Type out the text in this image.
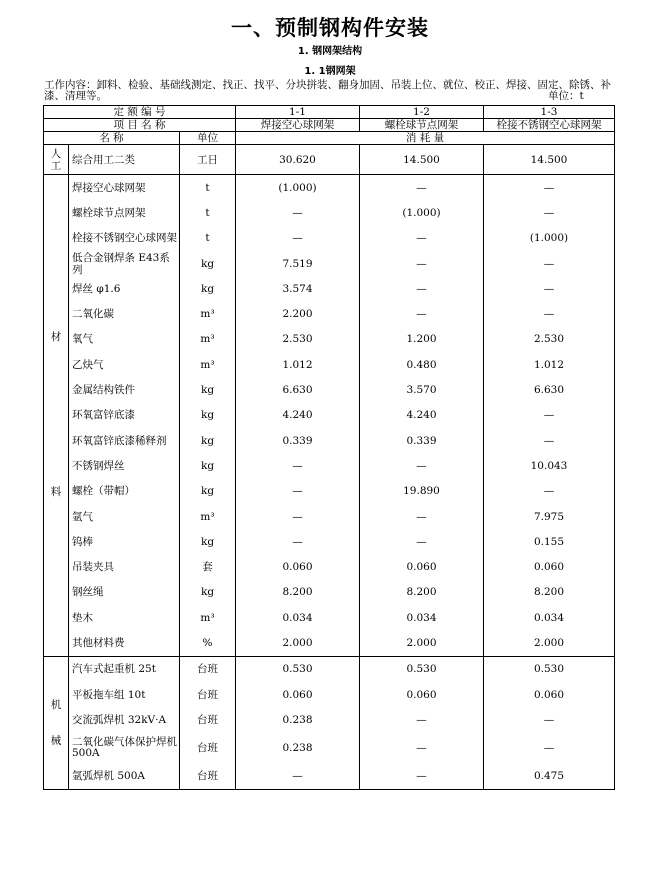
一、预制钢构件安装
1. 钢网架结构
1. 1钢网架
工作内容：卸料、检验、基础线测定、找正、找平、分块拼装、翻身加固、吊装上位、就位、校正、焊接、固定、除锈、补漆、清理等。	单位：t
定 额 编 号			1-1	1-2	1-3
项 目 名 称			焊接空心球网架	螺栓球节点网架	栓接不锈钢空心球网架
名 称		单位	消 耗 量		
人工	综合用工二类	工日	30.620	14.500	14.500
材料	焊接空心球网架	t	(1.000)	—	—
	螺栓球节点网架	t	—	(1.000)	—
	栓接不锈钢空心球网架	t	—	—	(1.000)
	低合金钢焊条 E43系列	kg	7.519	—	—
	焊丝 φ1.6	kg	3.574	—	—
	二氧化碳	m³	2.200	—	—
	氧气	m³	2.530	1.200	2.530
	乙炔气	m³	1.012	0.480	1.012
	金属结构铁件	kg	6.630	3.570	6.630
	环氧富锌底漆	kg	4.240	4.240	—
	环氧富锌底漆稀释剂	kg	0.339	0.339	—
	不锈钢焊丝	kg	—	—	10.043
	螺栓（带帽）	kg	—	19.890	—
	氩气	m³	—	—	7.975
	钨棒	kg	—	—	0.155
	吊装夹具	套	0.060	0.060	0.060
	钢丝绳	kg	8.200	8.200	8.200
	垫木	m³	0.034	0.034	0.034
	其他材料费	%	2.000	2.000	2.000
机械	汽车式起重机 25t	台班	0.530	0.530	0.530
	平板拖车组 10t	台班	0.060	0.060	0.060
	交流弧焊机 32kV·A	台班	0.238	—	—
	二氧化碳气体保护焊机 500A	台班	0.238	—	—
	氩弧焊机 500A	台班	—	—	0.475
